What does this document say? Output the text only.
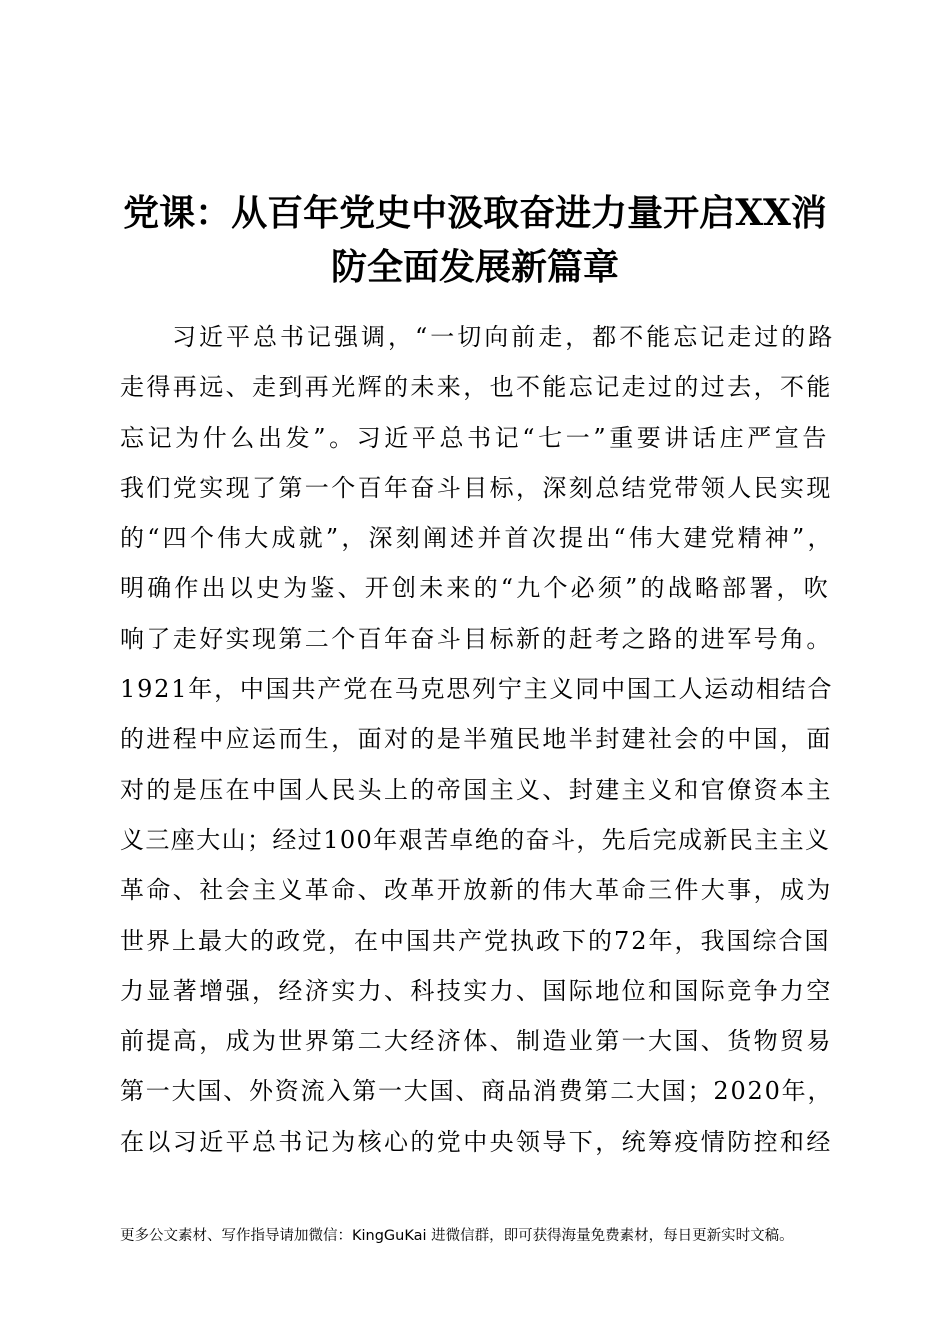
党课：从百年党史中汲取奋进力量开启XX消
防全面发展新篇章
习近平总书记强调，“一切向前走，都不能忘记走过的路
走得再远、走到再光辉的未来，也不能忘记走过的过去，不能
忘记为什么出发”。习近平总书记“七一”重要讲话庄严宣告
我们党实现了第一个百年奋斗目标，深刻总结党带领人民实现
的“四个伟大成就”，深刻阐述并首次提出“伟大建党精神”，
明确作出以史为鉴、开创未来的“九个必须”的战略部署，吹
响了走好实现第二个百年奋斗目标新的赶考之路的进军号角。
1921年，中国共产党在马克思列宁主义同中国工人运动相结合
的进程中应运而生，面对的是半殖民地半封建社会的中国，面
对的是压在中国人民头上的帝国主义、封建主义和官僚资本主
义三座大山；经过100年艰苦卓绝的奋斗，先后完成新民主主义
革命、社会主义革命、改革开放新的伟大革命三件大事，成为
世界上最大的政党，在中国共产党执政下的72年，我国综合国
力显著增强，经济实力、科技实力、国际地位和国际竞争力空
前提高，成为世界第二大经济体、制造业第一大国、货物贸易
第一大国、外资流入第一大国、商品消费第二大国；2020年，
在以习近平总书记为核心的党中央领导下，统筹疫情防控和经
更多公文素材、写作指导请加微信：KingGuKai 进微信群，即可获得海量免费素材，每日更新实时文稿。
